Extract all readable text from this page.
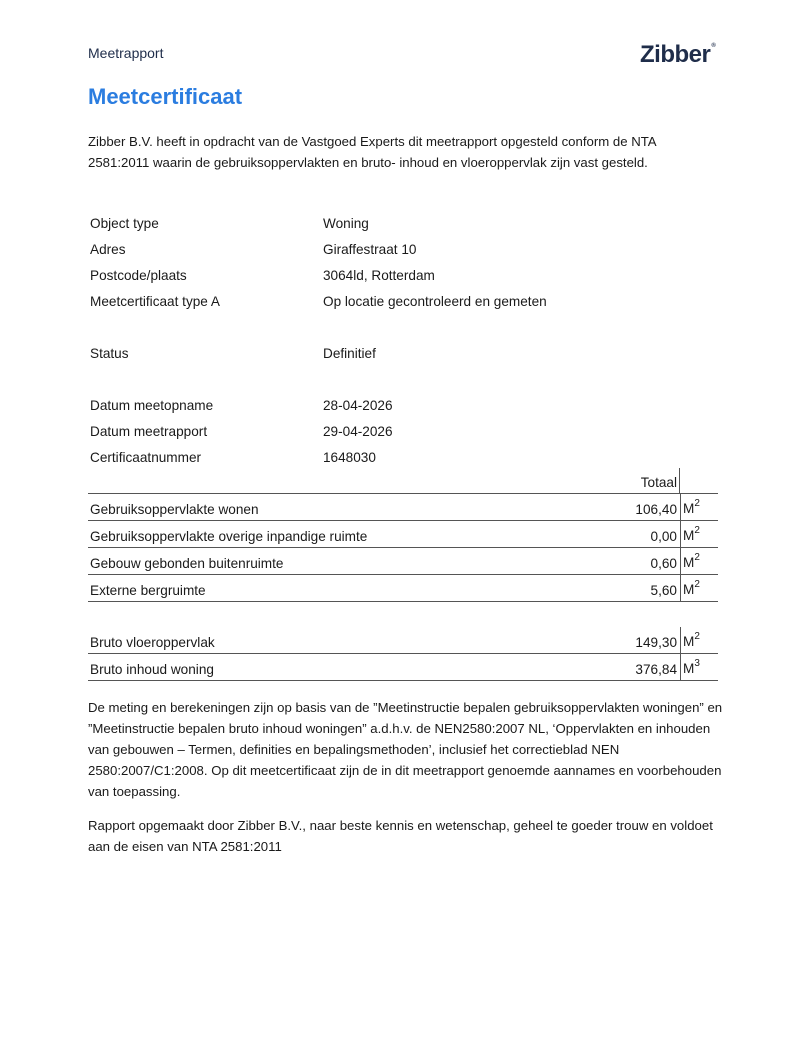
Meetrapport	Zibber®
Meetcertificaat
Zibber B.V. heeft in opdracht van de Vastgoed Experts dit meetrapport opgesteld conform de NTA 2581:2011 waarin de gebruiksoppervlakten en bruto- inhoud en vloeroppervlak zijn vast gesteld.
Object type	Woning
Adres	Giraffestraat 10
Postcode/plaats	3064ld, Rotterdam
Meetcertificaat type A	Op locatie gecontroleerd en gemeten
Status	Definitief
Datum meetopname	28-04-2026
Datum meetrapport	29-04-2026
Certificaatnummer	1648030
Totaal
Gebruiksoppervlakte wonen	106,40 $M^2$
Gebruiksoppervlakte overige inpandige ruimte	0,00 $M^2$
Gebouw gebonden buitenruimte	0,60 $M^2$
Externe bergruimte	5,60 $M^2$
Bruto vloeroppervlak	149,30 $M^2$
Bruto inhoud woning	376,84 $M^3$
De meting en berekeningen zijn op basis van de ”Meetinstructie bepalen gebruiksoppervlakten woningen” en ”Meetinstructie bepalen bruto inhoud woningen” a.d.h.v. de NEN2580:2007 NL, ‘Oppervlakten en inhouden van gebouwen – Termen, definities en bepalingsmethoden’, inclusief het correctieblad NEN 2580:2007/C1:2008. Op dit meetcertificaat zijn de in dit meetrapport genoemde aannames en voorbehouden van toepassing.
Rapport opgemaakt door Zibber B.V., naar beste kennis en wetenschap, geheel te goeder trouw en voldoet aan de eisen van NTA 2581:2011
